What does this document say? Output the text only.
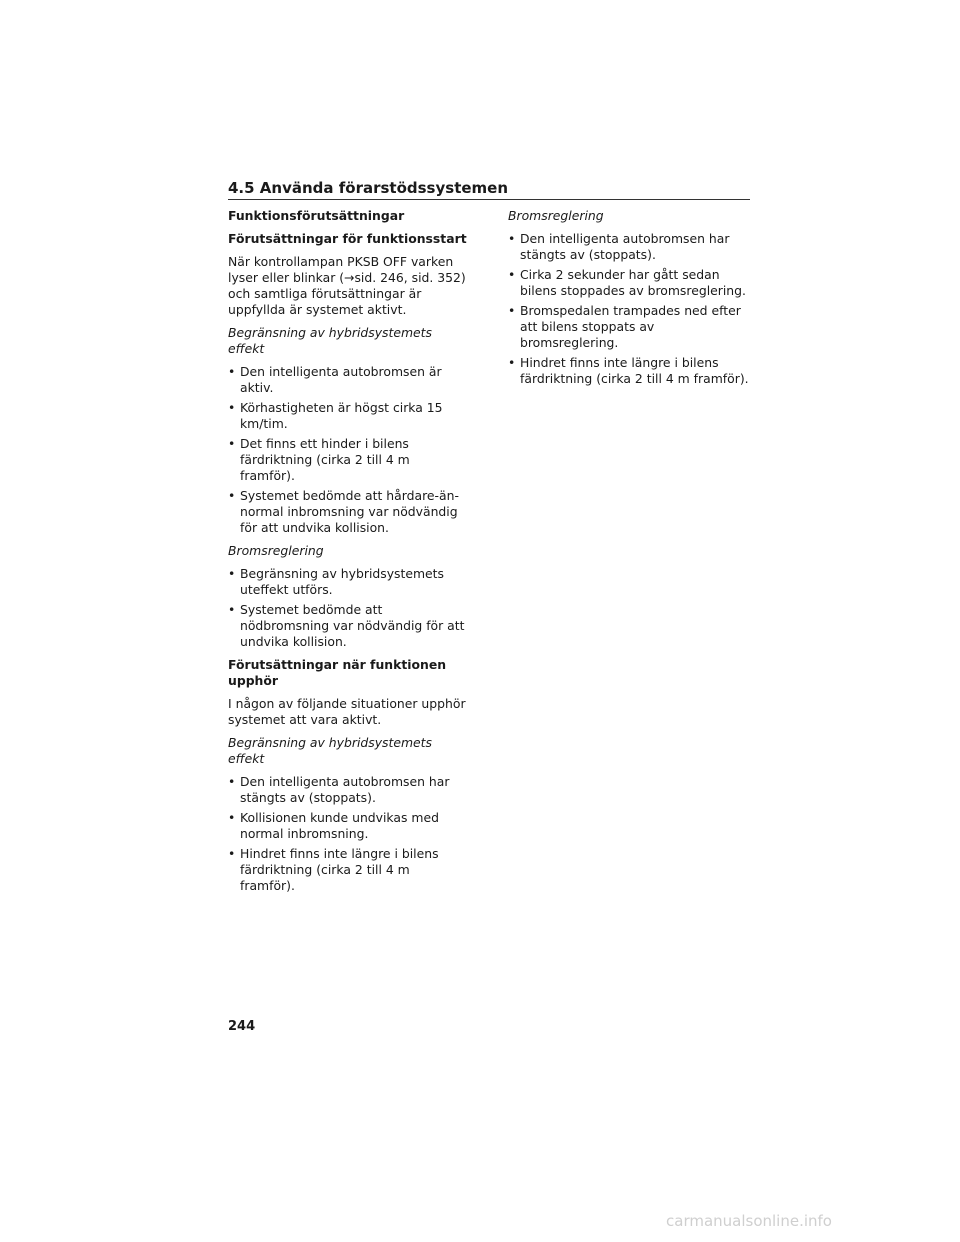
4.5 Använda förarstödssystemen

Funktionsförutsättningar

Förutsättningar för funktionsstart

När kontrollampan PKSB OFF varken lyser eller blinkar (→sid. 246, sid. 352) och samtliga förutsättningar är uppfyllda är systemet aktivt.

Begränsning av hybridsystemets effekt

• Den intelligenta autobromsen är aktiv.
• Körhastigheten är högst cirka 15 km/tim.
• Det finns ett hinder i bilens färdriktning (cirka 2 till 4 m framför).
• Systemet bedömde att hårdare-än-normal inbromsning var nödvändig för att undvika kollision.

Bromsreglering

• Begränsning av hybridsystemets uteffekt utförs.
• Systemet bedömde att nödbromsning var nödvändig för att undvika kollision.

Förutsättningar när funktionen upphör

I någon av följande situationer upphör systemet att vara aktivt.

Begränsning av hybridsystemets effekt

• Den intelligenta autobromsen har stängts av (stoppats).
• Kollisionen kunde undvikas med normal inbromsning.
• Hindret finns inte längre i bilens färdriktning (cirka 2 till 4 m framför).

Bromsreglering

• Den intelligenta autobromsen har stängts av (stoppats).
• Cirka 2 sekunder har gått sedan bilens stoppades av bromsreglering.
• Bromspedalen trampades ned efter att bilens stoppats av bromsreglering.
• Hindret finns inte längre i bilens färdriktning (cirka 2 till 4 m framför).
244
carmanualsonline.info
